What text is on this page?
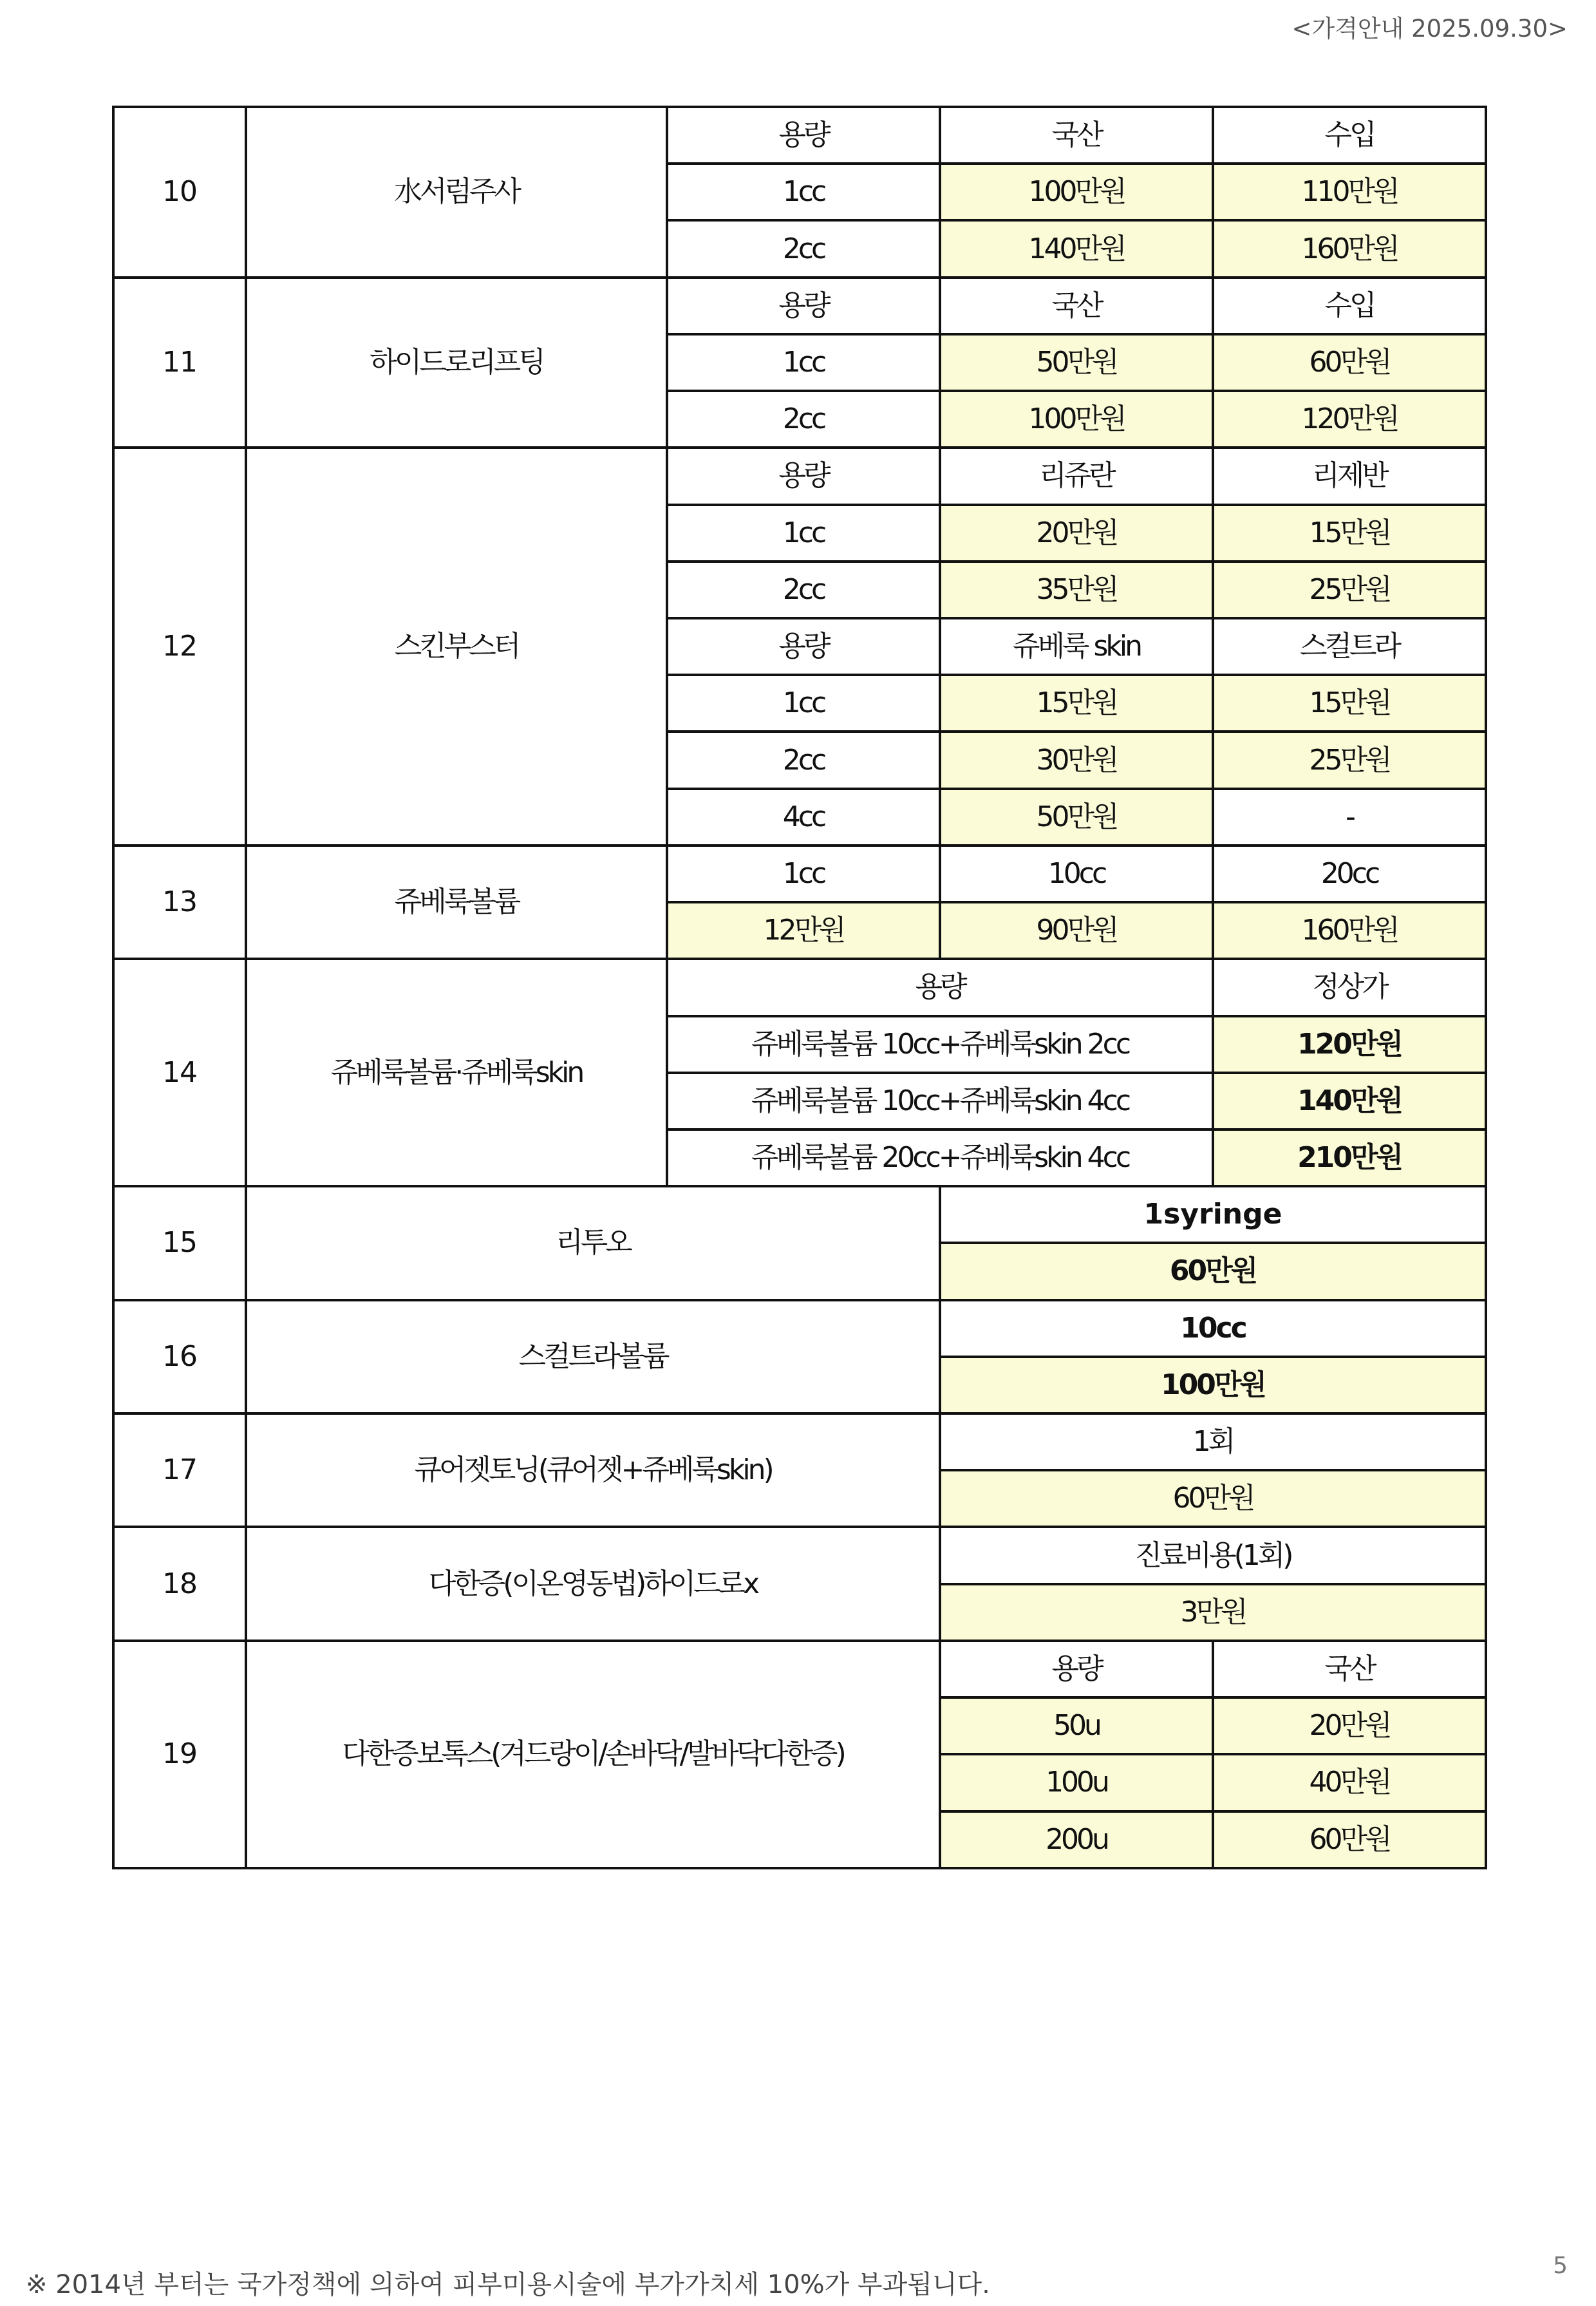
<가격안내 2025.09.30>
10	水서럼주사	용량	국산	수입
		1cc	100만원	110만원
		2cc	140만원	160만원
11	하이드로리프팅	용량	국산	수입
		1cc	50만원	60만원
		2cc	100만원	120만원
12	스킨부스터	용량	리쥬란	리제반
		1cc	20만원	15만원
		2cc	35만원	25만원
		용량	쥬베룩 skin	스컬트라
		1cc	15만원	15만원
		2cc	30만원	25만원
		4cc	50만원	-
13	쥬베룩볼륨	1cc	10cc	20cc
		12만원	90만원	160만원
14	쥬베룩볼륨·쥬베룩skin	용량		정상가
		쥬베룩볼륨 10cc+쥬베룩skin 2cc		120만원
		쥬베룩볼륨 10cc+쥬베룩skin 4cc		140만원
		쥬베룩볼륨 20cc+쥬베룩skin 4cc		210만원
15	리투오		1syringe	
			60만원	
16	스컬트라볼륨		10cc	
			100만원	
17	큐어젯토닝(큐어젯+쥬베룩skin)		1회	
			60만원	
18	다한증(이온영동법)하이드로x		진료비용(1회)	
			3만원	
19	다한증보톡스(겨드랑이/손바닥/발바닥다한증)		용량	국산
			50u	20만원
			100u	40만원
			200u	60만원
※ 2014년 부터는 국가정책에 의하여 피부미용시술에 부가가치세 10%가 부과됩니다.
5
